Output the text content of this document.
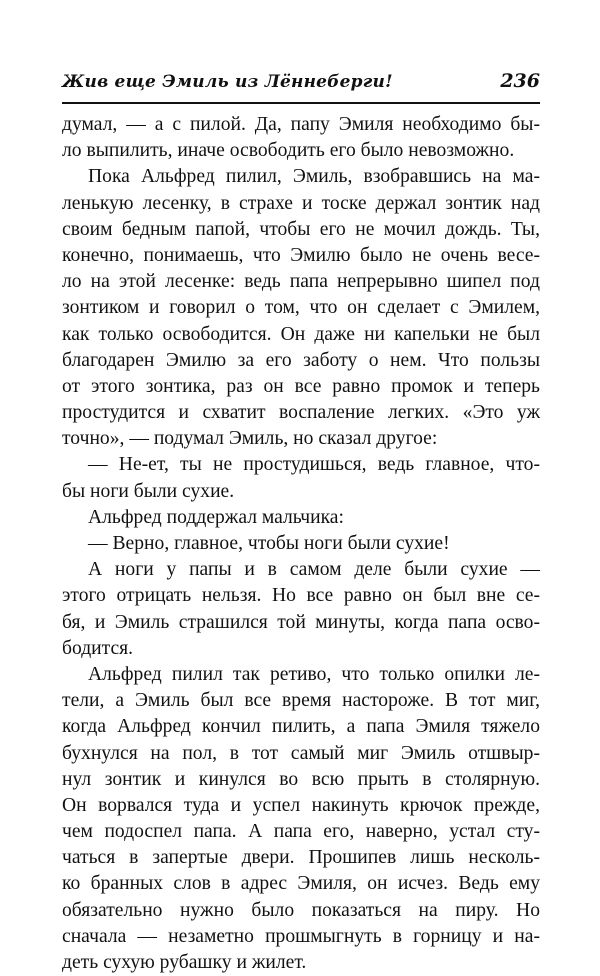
Жив еще Эмиль из Лённеберги!	236
думал, — а с пилой. Да, папу Эмиля необходимо бы-
ло выпилить, иначе освободить его было невозможно.
Пока Альфред пилил, Эмиль, взобравшись на ма-
ленькую лесенку, в страхе и тоске держал зонтик над
своим бедным папой, чтобы его не мочил дождь. Ты,
конечно, понимаешь, что Эмилю было не очень весе-
ло на этой лесенке: ведь папа непрерывно шипел под
зонтиком и говорил о том, что он сделает с Эмилем,
как только освободится. Он даже ни капельки не был
благодарен Эмилю за его заботу о нем. Что пользы
от этого зонтика, раз он все равно промок и теперь
простудится и схватит воспаление легких. «Это уж
точно», — подумал Эмиль, но сказал другое:
— Не-ет, ты не простудишься, ведь главное, что-
бы ноги были сухие.
Альфред поддержал мальчика:
— Верно, главное, чтобы ноги были сухие!
А ноги у папы и в самом деле были сухие —
этого отрицать нельзя. Но все равно он был вне се-
бя, и Эмиль страшился той минуты, когда папа осво-
бодится.
Альфред пилил так ретиво, что только опилки ле-
тели, а Эмиль был все время настороже. В тот миг,
когда Альфред кончил пилить, а папа Эмиля тяжело
бухнулся на пол, в тот самый миг Эмиль отшвыр-
нул зонтик и кинулся во всю прыть в столярную.
Он ворвался туда и успел накинуть крючок прежде,
чем подоспел папа. А папа его, наверно, устал сту-
чаться в запертые двери. Прошипев лишь несколь-
ко бранных слов в адрес Эмиля, он исчез. Ведь ему
обязательно нужно было показаться на пиру. Но
сначала — незаметно прошмыгнуть в горницу и на-
деть сухую рубашку и жилет.
